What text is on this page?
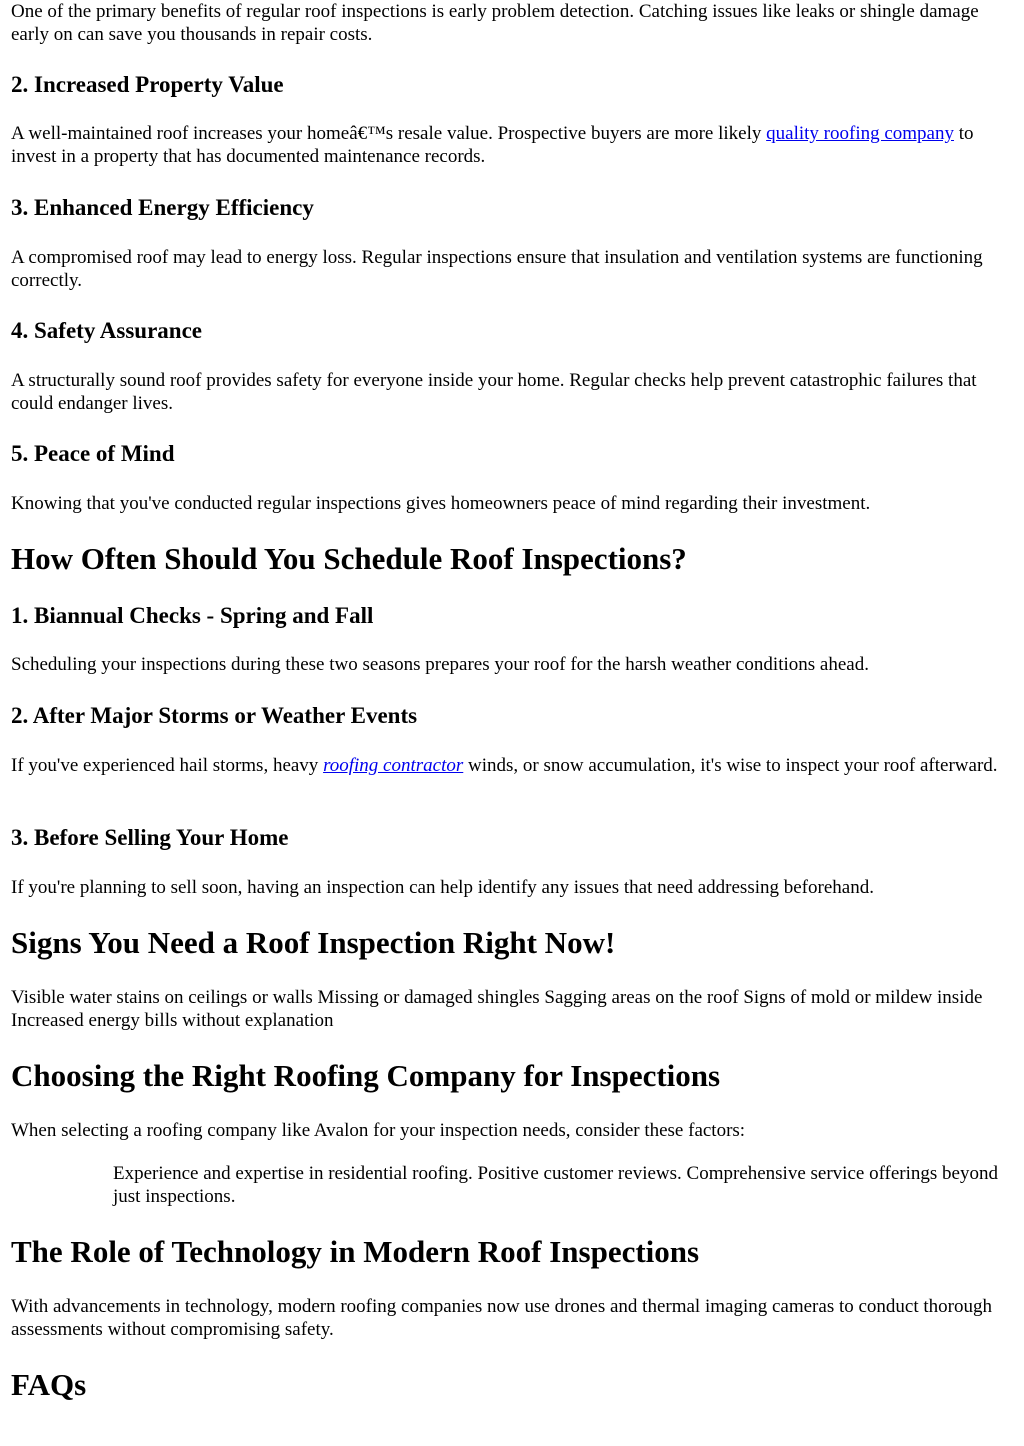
One of the primary benefits of regular roof inspections is early problem detection. Catching issues like leaks or shingle damage early on can save you thousands in repair costs.

2. Increased Property Value

A well-maintained roof increases your homeâ€™s resale value. Prospective buyers are more likely quality roofing company to invest in a property that has documented maintenance records.

3. Enhanced Energy Efficiency

A compromised roof may lead to energy loss. Regular inspections ensure that insulation and ventilation systems are functioning correctly.

4. Safety Assurance

A structurally sound roof provides safety for everyone inside your home. Regular checks help prevent catastrophic failures that could endanger lives.

5. Peace of Mind

Knowing that you've conducted regular inspections gives homeowners peace of mind regarding their investment.

How Often Should You Schedule Roof Inspections?
1. Biannual Checks - Spring and Fall

Scheduling your inspections during these two seasons prepares your roof for the harsh weather conditions ahead.

2. After Major Storms or Weather Events

If you've experienced hail storms, heavy roofing contractor winds, or snow accumulation, it's wise to inspect your roof afterward.

3. Before Selling Your Home

If you're planning to sell soon, having an inspection can help identify any issues that need addressing beforehand.

Signs You Need a Roof Inspection Right Now!

Visible water stains on ceilings or walls Missing or damaged shingles Sagging areas on the roof Signs of mold or mildew inside Increased energy bills without explanation

Choosing the Right Roofing Company for Inspections

When selecting a roofing company like Avalon for your inspection needs, consider these factors:

Experience and expertise in residential roofing. Positive customer reviews. Comprehensive service offerings beyond just inspections.
The Role of Technology in Modern Roof Inspections

With advancements in technology, modern roofing companies now use drones and thermal imaging cameras to conduct thorough assessments without compromising safety.

FAQs
